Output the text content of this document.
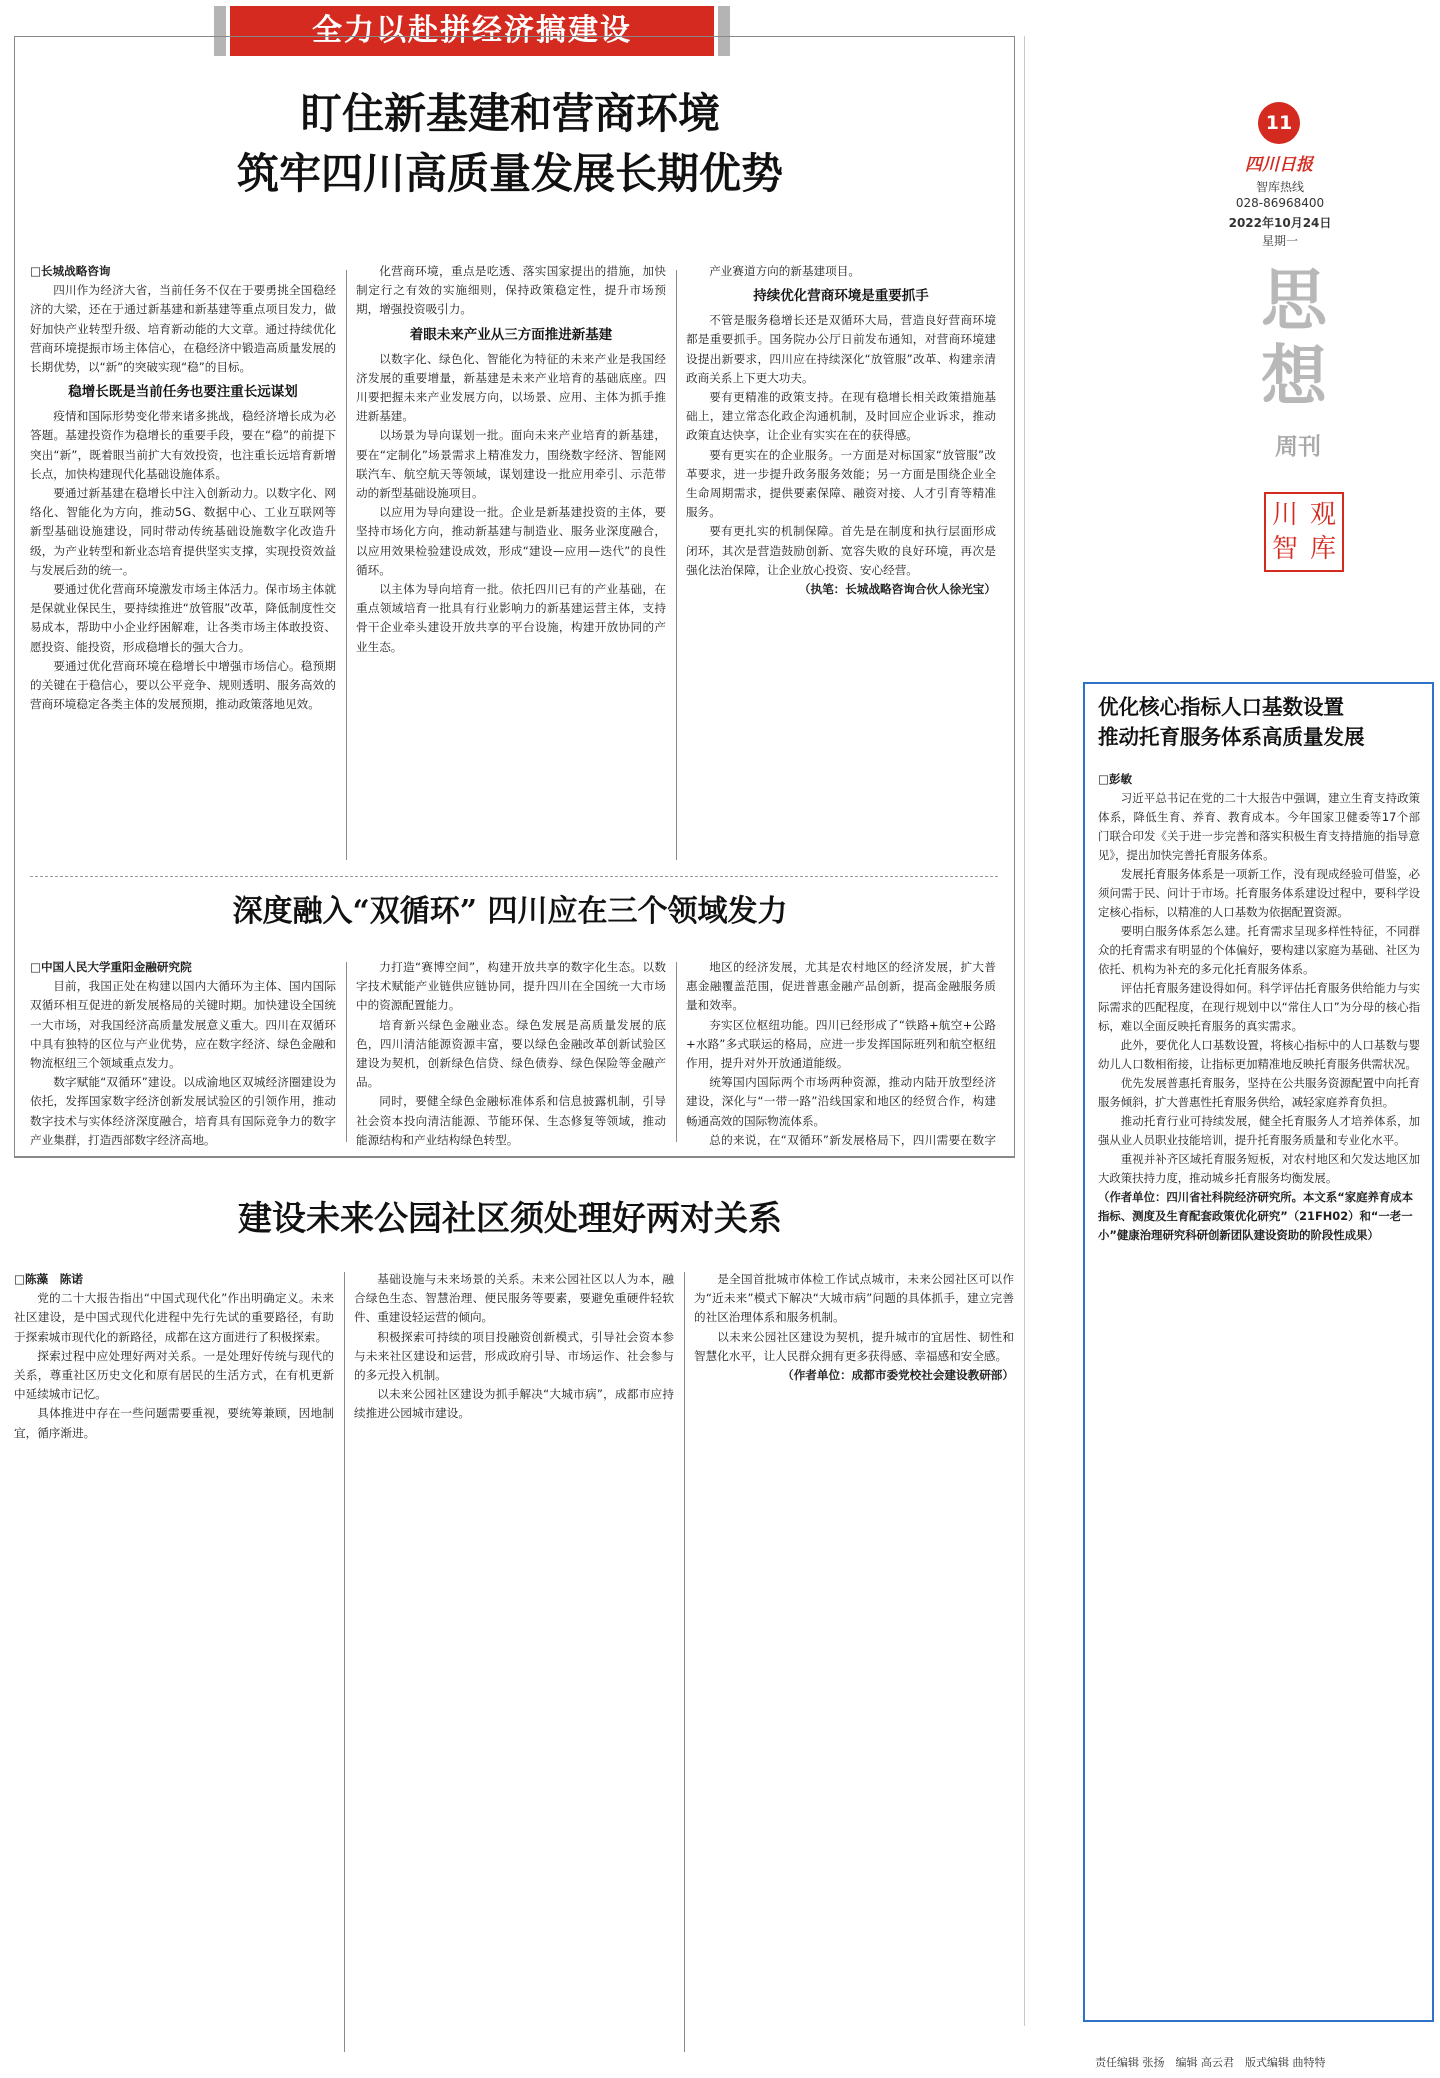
全力以赴拼经济搞建设
盯住新基建和营商环境
筑牢四川高质量发展长期优势

□长城战略咨询

四川作为经济大省，当前任务不仅在于要勇挑全国稳经济的大梁，还在于通过新基建和新基建等重点项目发力，做好加快产业转型升级、培育新动能的大文章。通过持续优化营商环境提振市场主体信心，在稳经济中锻造高质量发展的长期优势，以“新”的突破实现“稳”的目标。

稳增长既是当前任务也要注重长远谋划

疫情和国际形势变化带来诸多挑战，稳经济增长成为必答题。基建投资作为稳增长的重要手段，要在“稳”的前提下突出“新”，既着眼当前扩大有效投资，也注重长远培育新增长点，加快构建现代化基础设施体系。

要通过新基建在稳增长中注入创新动力。以数字化、网络化、智能化为方向，推动5G、数据中心、工业互联网等新型基础设施建设，同时带动传统基础设施数字化改造升级，为产业转型和新业态培育提供坚实支撑，实现投资效益与发展后劲的统一。

要通过优化营商环境激发市场主体活力。保市场主体就是保就业保民生，要持续推进“放管服”改革，降低制度性交易成本，帮助中小企业纾困解难，让各类市场主体敢投资、愿投资、能投资，形成稳增长的强大合力。

要通过优化营商环境在稳增长中增强市场信心。稳预期的关键在于稳信心，要以公平竞争、规则透明、服务高效的营商环境稳定各类主体的发展预期，推动政策落地见效。

化营商环境，重点是吃透、落实国家提出的措施，加快制定行之有效的实施细则，保持政策稳定性，提升市场预期，增强投资吸引力。

着眼未来产业从三方面推进新基建

以数字化、绿色化、智能化为特征的未来产业是我国经济发展的重要增量，新基建是未来产业培育的基础底座。四川要把握未来产业发展方向，以场景、应用、主体为抓手推进新基建。

以场景为导向谋划一批。面向未来产业培育的新基建，要在“定制化”场景需求上精准发力，围绕数字经济、智能网联汽车、航空航天等领域，谋划建设一批应用牵引、示范带动的新型基础设施项目。

以应用为导向建设一批。企业是新基建投资的主体，要坚持市场化方向，推动新基建与制造业、服务业深度融合，以应用效果检验建设成效，形成“建设—应用—迭代”的良性循环。

以主体为导向培育一批。依托四川已有的产业基础，在重点领域培育一批具有行业影响力的新基建运营主体，支持骨干企业牵头建设开放共享的平台设施，构建开放协同的产业生态。

产业赛道方向的新基建项目。

持续优化营商环境是重要抓手

不管是服务稳增长还是双循环大局，营造良好营商环境都是重要抓手。国务院办公厅日前发布通知，对营商环境建设提出新要求，四川应在持续深化“放管服”改革、构建亲清政商关系上下更大功夫。

要有更精准的政策支持。在现有稳增长相关政策措施基础上，建立常态化政企沟通机制，及时回应企业诉求，推动政策直达快享，让企业有实实在在的获得感。

要有更实在的企业服务。一方面是对标国家“放管服”改革要求，进一步提升政务服务效能；另一方面是围绕企业全生命周期需求，提供要素保障、融资对接、人才引育等精准服务。

要有更扎实的机制保障。首先是在制度和执行层面形成闭环，其次是营造鼓励创新、宽容失败的良好环境，再次是强化法治保障，让企业放心投资、安心经营。

（执笔：长城战略咨询合伙人徐光宝）

深度融入“双循环” 四川应在三个领域发力

□中国人民大学重阳金融研究院

目前，我国正处在构建以国内大循环为主体、国内国际双循环相互促进的新发展格局的关键时期。加快建设全国统一大市场，对我国经济高质量发展意义重大。四川在双循环中具有独特的区位与产业优势，应在数字经济、绿色金融和物流枢纽三个领域重点发力。

数字赋能“双循环”建设。以成渝地区双城经济圈建设为依托，发挥国家数字经济创新发展试验区的引领作用，推动数字技术与实体经济深度融合，培育具有国际竞争力的数字产业集群，打造西部数字经济高地。

力打造“赛博空间”，构建开放共享的数字化生态。以数字技术赋能产业链供应链协同，提升四川在全国统一大市场中的资源配置能力。

培育新兴绿色金融业态。绿色发展是高质量发展的底色，四川清洁能源资源丰富，要以绿色金融改革创新试验区建设为契机，创新绿色信贷、绿色债券、绿色保险等金融产品。

同时，要健全绿色金融标准体系和信息披露机制，引导社会资本投向清洁能源、节能环保、生态修复等领域，推动能源结构和产业结构绿色转型。

地区的经济发展，尤其是农村地区的经济发展，扩大普惠金融覆盖范围，促进普惠金融产品创新，提高金融服务质量和效率。

夯实区位枢纽功能。四川已经形成了“铁路+航空+公路+水路”多式联运的格局，应进一步发挥国际班列和航空枢纽作用，提升对外开放通道能级。

统筹国内国际两个市场两种资源，推动内陆开放型经济建设，深化与“一带一路”沿线国家和地区的经贸合作，构建畅通高效的国际物流体系。

总的来说，在“双循环”新发展格局下，四川需要在数字

建设未来公园社区须处理好两对关系

□陈藻　陈诺

党的二十大报告指出“中国式现代化”作出明确定义。未来社区建设，是中国式现代化进程中先行先试的重要路径，有助于探索城市现代化的新路径，成都在这方面进行了积极探索。

探索过程中应处理好两对关系。一是处理好传统与现代的关系，尊重社区历史文化和原有居民的生活方式，在有机更新中延续城市记忆。

具体推进中存在一些问题需要重视，要统筹兼顾，因地制宜，循序渐进。

基础设施与未来场景的关系。未来公园社区以人为本，融合绿色生态、智慧治理、便民服务等要素，要避免重硬件轻软件、重建设轻运营的倾向。

积极探索可持续的项目投融资创新模式，引导社会资本参与未来社区建设和运营，形成政府引导、市场运作、社会参与的多元投入机制。

以未来公园社区建设为抓手解决“大城市病”，成都市应持续推进公园城市建设。

是全国首批城市体检工作试点城市，未来公园社区可以作为“近未来”模式下解决“大城市病”问题的具体抓手，建立完善的社区治理体系和服务机制。

以未来公园社区建设为契机，提升城市的宜居性、韧性和智慧化水平，让人民群众拥有更多获得感、幸福感和安全感。

（作者单位：成都市委党校社会建设教研部）

11
四川日报
智库热线
028-86968400
2022年10月24日
星期一
思想
周刊
川 观
智 库
优化核心指标人口基数设置
推动托育服务体系高质量发展

□彭敏

习近平总书记在党的二十大报告中强调，建立生育支持政策体系，降低生育、养育、教育成本。今年国家卫健委等17个部门联合印发《关于进一步完善和落实积极生育支持措施的指导意见》，提出加快完善托育服务体系。

发展托育服务体系是一项新工作，没有现成经验可借鉴，必须问需于民、问计于市场。托育服务体系建设过程中，要科学设定核心指标，以精准的人口基数为依据配置资源。

要明白服务体系怎么建。托育需求呈现多样性特征，不同群众的托育需求有明显的个体偏好，要构建以家庭为基础、社区为依托、机构为补充的多元化托育服务体系。

评估托育服务建设得如何。科学评估托育服务供给能力与实际需求的匹配程度，在现行规划中以“常住人口”为分母的核心指标，难以全面反映托育服务的真实需求。

此外，要优化人口基数设置，将核心指标中的人口基数与婴幼儿人口数相衔接，让指标更加精准地反映托育服务供需状况。

优先发展普惠托育服务，坚持在公共服务资源配置中向托育服务倾斜，扩大普惠性托育服务供给，减轻家庭养育负担。

推动托育行业可持续发展，健全托育服务人才培养体系，加强从业人员职业技能培训，提升托育服务质量和专业化水平。

重视并补齐区域托育服务短板，对农村地区和欠发达地区加大政策扶持力度，推动城乡托育服务均衡发展。

（作者单位：四川省社科院经济研究所。本文系“家庭养育成本指标、测度及生育配套政策优化研究”（21FH02）和“一老一小”健康治理研究科研创新团队建设资助的阶段性成果）

责任编辑 张扬　编辑 高云君　版式编辑 曲特特
